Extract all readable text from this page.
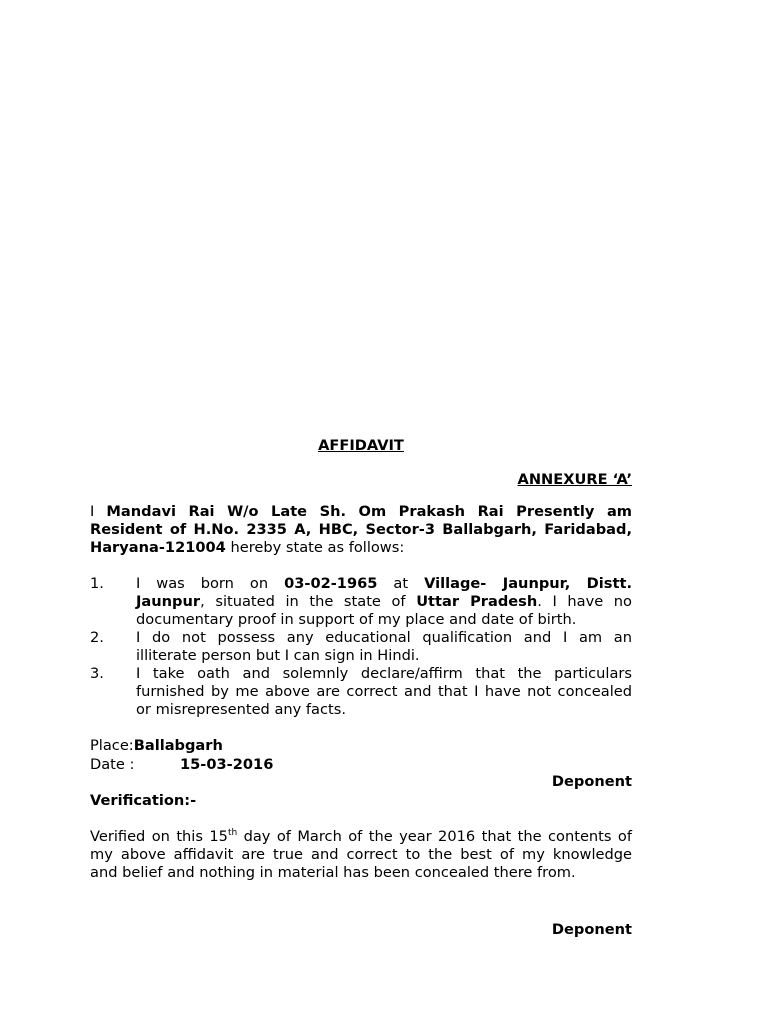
AFFIDAVIT
ANNEXURE ‘A’
I Mandavi Rai W/o Late Sh. Om Prakash Rai Presently am
Resident of H.No. 2335 A, HBC, Sector-3 Ballabgarh, Faridabad,
Haryana-121004 hereby state as follows:
1. I was born on 03-02-1965 at Village- Jaunpur, Distt.
Jaunpur, situated in the state of Uttar Pradesh. I have no
documentary proof in support of my place and date of birth.
2. I do not possess any educational qualification and I am an
illiterate person but I can sign in Hindi.
3. I take oath and solemnly declare/affirm that the particulars
furnished by me above are correct and that I have not concealed
or misrepresented any facts.
Place:Ballabgarh
Date :	15-03-2016
Deponent
Verification:-
Verified on this 15th day of March of the year 2016 that the contents of
my above affidavit are true and correct to the best of my knowledge
and belief and nothing in material has been concealed there from.
Deponent
